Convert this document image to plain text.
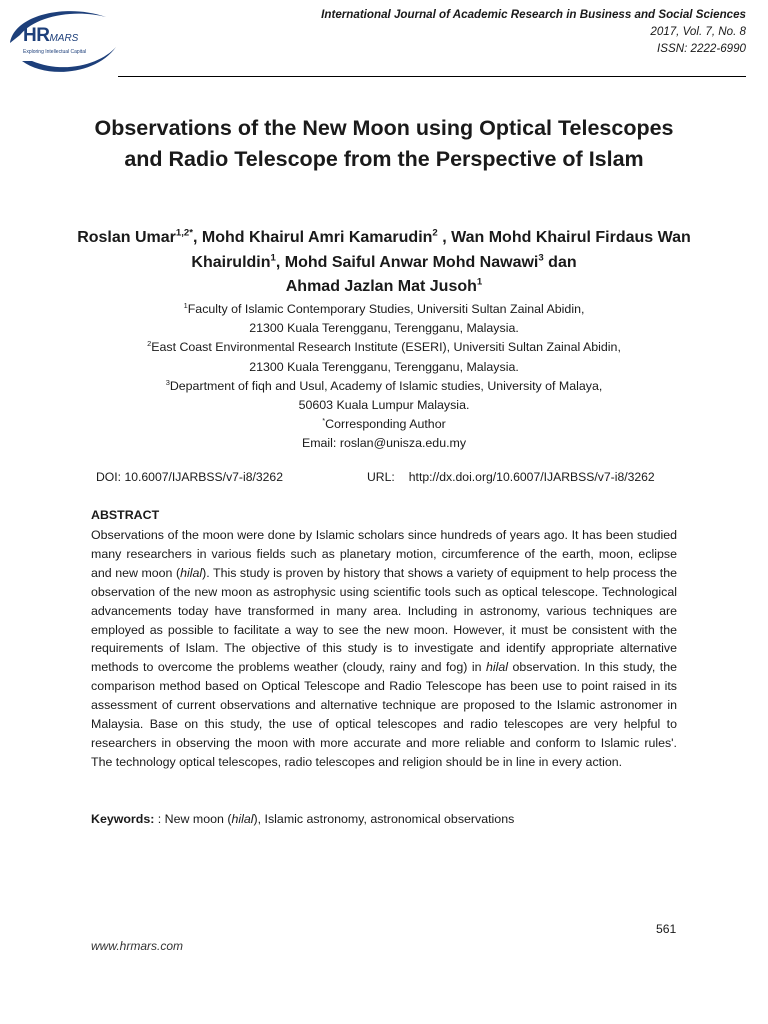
HRMARS
Exploring Intellectual Capital
International Journal of Academic Research in Business and Social Sciences
2017, Vol. 7, No. 8
ISSN: 2222-6990
Observations of the New Moon using Optical Telescopes and Radio Telescope from the Perspective of Islam
Roslan Umar$^{1,2*}$, Mohd Khairul Amri Kamarudin$^2$ , Wan Mohd Khairul Firdaus Wan Khairuldin$^1$, Mohd Saiful Anwar Mohd Nawawi$^3$ dan
Ahmad Jazlan Mat Jusoh$^1$
$^1$Faculty of Islamic Contemporary Studies, Universiti Sultan Zainal Abidin,
21300 Kuala Terengganu, Terengganu, Malaysia.
$^2$East Coast Environmental Research Institute (ESERI), Universiti Sultan Zainal Abidin,
21300 Kuala Terengganu, Terengganu, Malaysia.
$^3$Department of fiqh and Usul, Academy of Islamic studies, University of Malaya,
50603 Kuala Lumpur Malaysia.
*Corresponding Author
Email: roslan@unisza.edu.my
DOI: 10.6007/IJARBSS/v7-i8/3262	URL: http://dx.doi.org/10.6007/IJARBSS/v7-i8/3262
ABSTRACT

Observations of the moon were done by Islamic scholars since hundreds of years ago. It has been studied many researchers in various fields such as planetary motion, circumference of the earth, moon, eclipse and new moon (hilal). This study is proven by history that shows a variety of equipment to help process the observation of the new moon as astrophysic using scientific tools such as optical telescope. Technological advancements today have transformed in many area. Including in astronomy, various techniques are employed as possible to facilitate a way to see the new moon. However, it must be consistent with the requirements of Islam. The objective of this study is to investigate and identify appropriate alternative methods to overcome the problems weather (cloudy, rainy and fog) in hilal observation. In this study, the comparison method based on Optical Telescope and Radio Telescope has been use to point raised in its assessment of current observations and alternative technique are proposed to the Islamic astronomer in Malaysia. Base on this study, the use of optical telescopes and radio telescopes are very helpful to researchers in observing the moon with more accurate and more reliable and conform to Islamic rules'. The technology optical telescopes, radio telescopes and religion should be in line in every action.

Keywords: : New moon (hilal), Islamic astronomy, astronomical observations
561
www.hrmars.com
